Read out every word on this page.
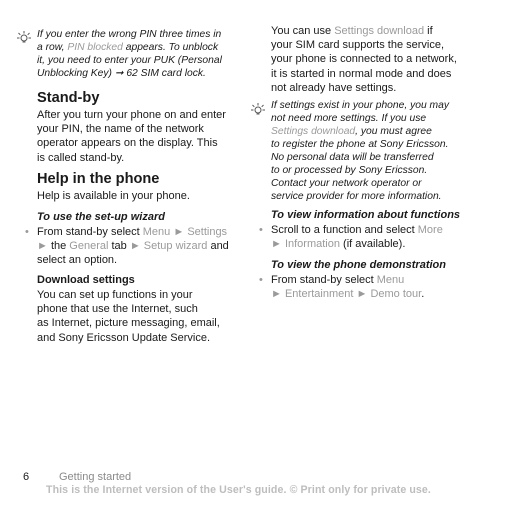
If you enter the wrong PIN three times in
a row, PIN blocked appears. To unblock
it, you need to enter your PUK (Personal
Unblocking Key) ➞ 62 SIM card lock.
Stand-by
After you turn your phone on and enter
your PIN, the name of the network
operator appears on the display. This
is called stand-by.
Help in the phone
Help is available in your phone.
To use the set-up wizard
• From stand-by select Menu ► Settings
► the General tab ► Setup wizard and
select an option.
Download settings
You can set up functions in your
phone that use the Internet, such
as Internet, picture messaging, email,
and Sony Ericsson Update Service.
You can use Settings download if
your SIM card supports the service,
your phone is connected to a network,
it is started in normal mode and does
not already have settings.
If settings exist in your phone, you may
not need more settings. If you use
Settings download, you must agree
to register the phone at Sony Ericsson.
No personal data will be transferred
to or processed by Sony Ericsson.
Contact your network operator or
service provider for more information.
To view information about functions
• Scroll to a function and select More
► Information (if available).
To view the phone demonstration
• From stand-by select Menu
► Entertainment ► Demo tour.
6	Getting started
This is the Internet version of the User's guide. © Print only for private use.
